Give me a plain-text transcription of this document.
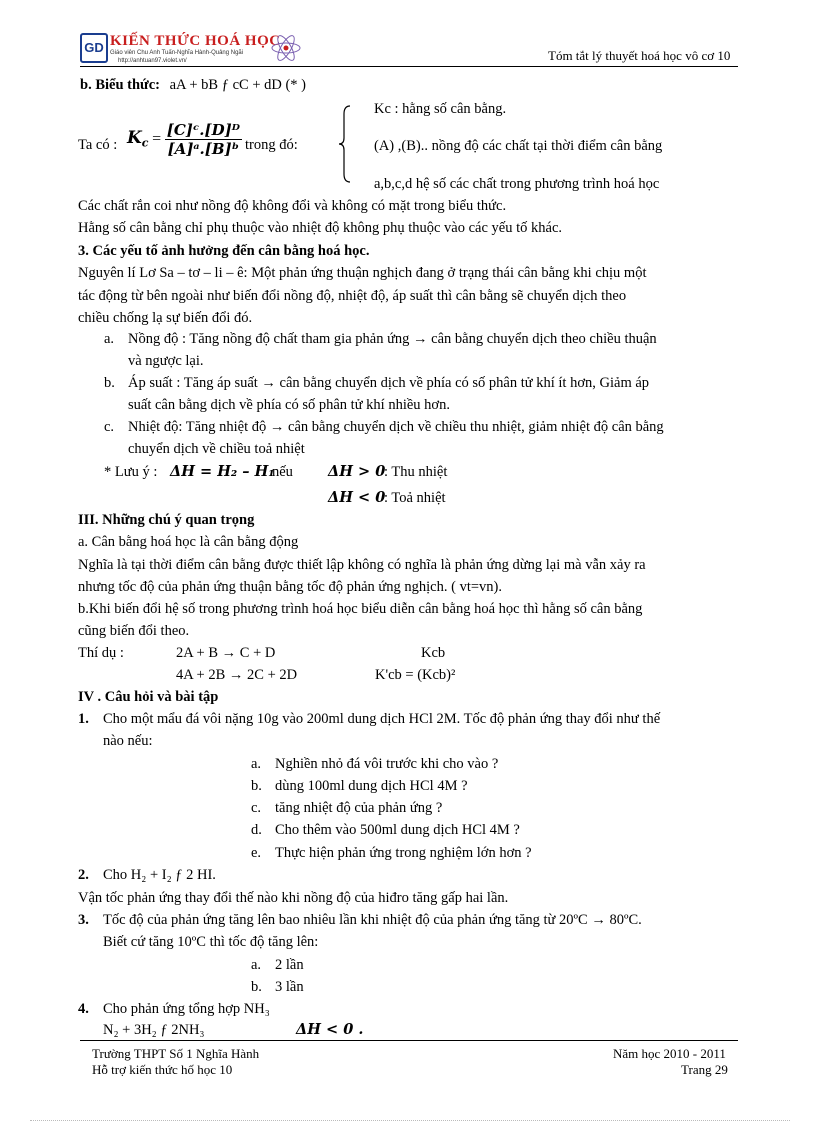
GD KIẾN THỨC HOÁ HỌC
Giáo viên Chu Anh Tuấn-Nghĩa Hành-Quảng Ngãi
http://anhtuan97.violet.vn/	Tóm tắt lý thuyết hoá học vô cơ 10
b. Biểu thức: aA + bB ƒ cC + dD (* )
Ta có : $K_c = \frac{\text{[C]ᶜ.[D]ᴰ}}{\text{[A]ᵃ.[B]ᵇ}}$ trong đó:
Kc : hằng số cân bằng.
(A) ,(B).. nồng độ các chất tại thời điểm cân bằng
a,b,c,d hệ số các chất trong phương trình hoá học
Các chất rắn coi như nồng độ không đổi và không có mặt trong biểu thức.
Hằng số cân bằng chỉ phụ thuộc vào nhiệt độ không phụ thuộc vào các yếu tố khác.
3. Các yếu tố ảnh hưởng đến cân bằng hoá học.
Nguyên lí Lơ Sa – tơ – li – ê: Một phản ứng thuận nghịch đang ở trạng thái cân bằng khi chịu một
tác động từ bên ngoài như biến đổi nồng độ, nhiệt độ, áp suất thì cân bằng sẽ chuyển dịch theo
chiều chống lạ sự biến đổi đó.
a. Nồng độ : Tăng nồng độ chất tham gia phản ứng → cân bằng chuyển dịch theo chiều thuận
và ngược lại.
b. Áp suất : Tăng áp suất → cân bằng chuyển dịch về phía có số phân tử khí ít hơn, Giảm áp
suất cân bằng dịch về phía có số phân tử khí nhiều hơn.
c. Nhiệt độ: Tăng nhiệt độ → cân bằng chuyển dịch về chiều thu nhiệt, giảm nhiệt độ cân bằng
chuyển dịch về chiều toả nhiệt
* Lưu ý : ΔH = H₂ – H₁
nếu ΔH > 0
: Thu nhiệt
ΔH < 0
: Toả nhiệt
III. Những chú ý quan trọng
a. Cân bằng hoá học là cân bằng động
Nghĩa là tại thời điểm cân bằng được thiết lập không có nghĩa là phản ứng dừng lại mà vẫn xảy ra
nhưng tốc độ của phản ứng thuận bằng tốc độ phản ứng nghịch. ( vt=vn).
b.Khi biến đổi hệ số trong phương trình hoá học biểu diễn cân bằng hoá học thì hằng số cân bằng
cũng biến đổi theo.
Thí dụ :	2A + B → C + D	Kcb
4A + 2B → 2C + 2D	K'cb = (Kcb)²
IV . Câu hỏi và bài tập
1. Cho một mẩu đá vôi nặng 10g vào 200ml dung dịch HCl 2M. Tốc độ phản ứng thay đổi như thế
nào nếu:
a. Nghiền nhỏ đá vôi trước khi cho vào ?
b. dùng 100ml dung dịch HCl 4M ?
c. tăng nhiệt độ của phản ứng ?
d. Cho thêm vào 500ml dung dịch HCl 4M ?
e. Thực hiện phản ứng trong nghiệm lớn hơn ?
2. Cho H₂ + I₂ ƒ 2 HI.
Vận tốc phản ứng thay đổi thế nào khi nồng độ của hiđro tăng gấp hai lần.
3. Tốc độ của phản ứng tăng lên bao nhiêu lần khi nhiệt độ của phản ứng tăng từ 20ºC → 80ºC.
Biết cứ tăng 10ºC thì tốc độ tăng lên:
a. 2 lần
b. 3 lần
4. Cho phản ứng tổng hợp NH₃
N₂ + 3H₂ ƒ 2NH₃	ΔH < 0 .
Trường THPT Số 1 Nghĩa Hành
Hỗ trợ kiến thức hố học 10
Năm học 2010 - 2011
Trang 29
